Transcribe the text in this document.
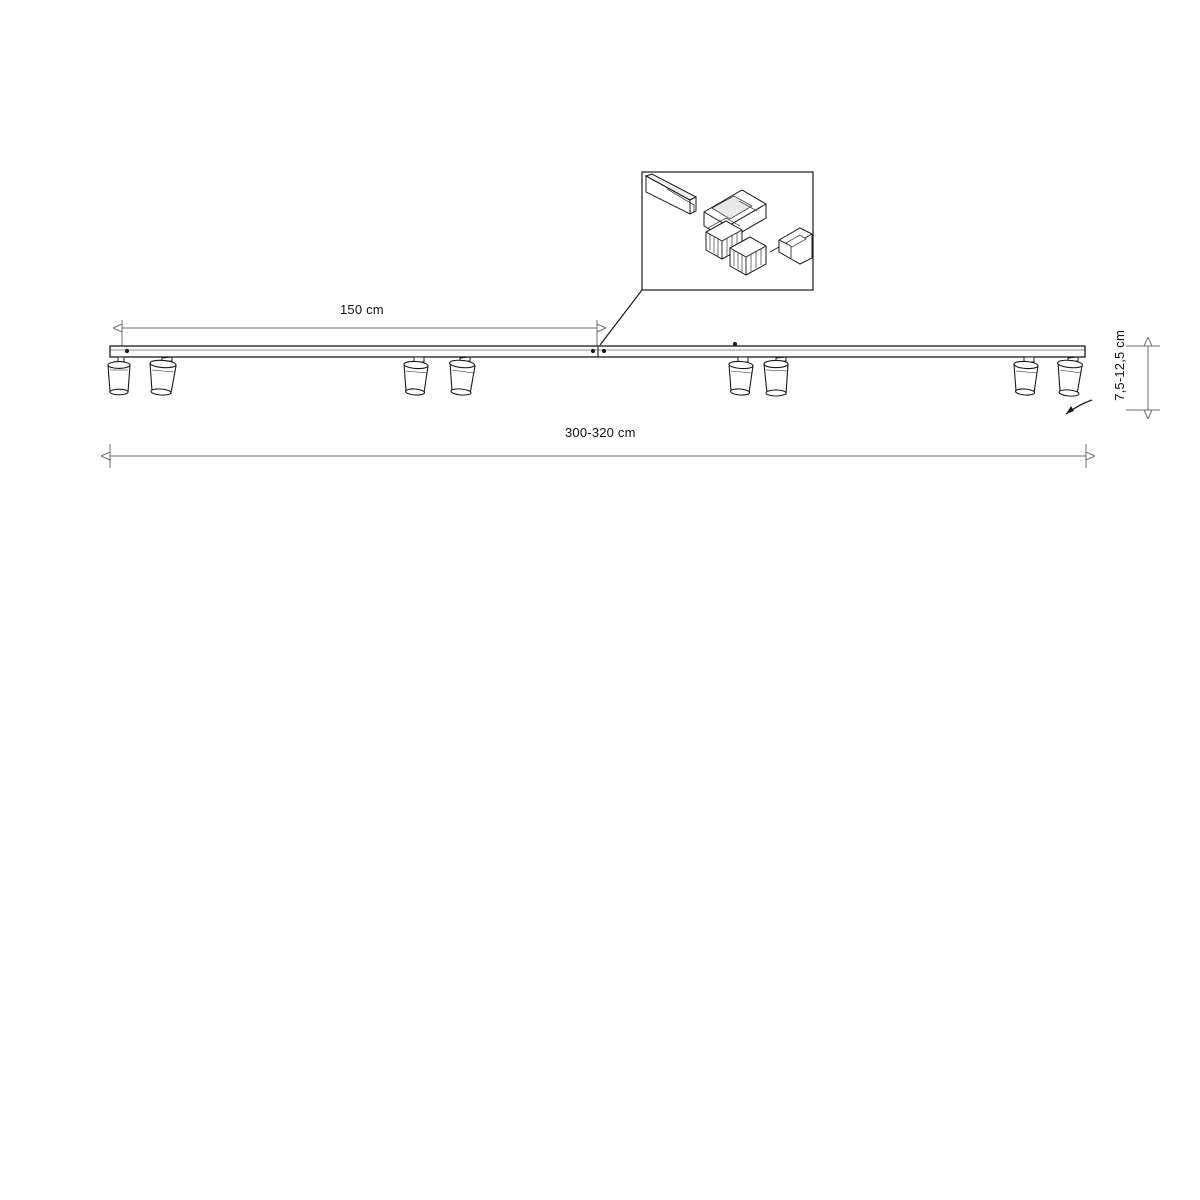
150 cm
300-320 cm
7,5-12,5 cm
